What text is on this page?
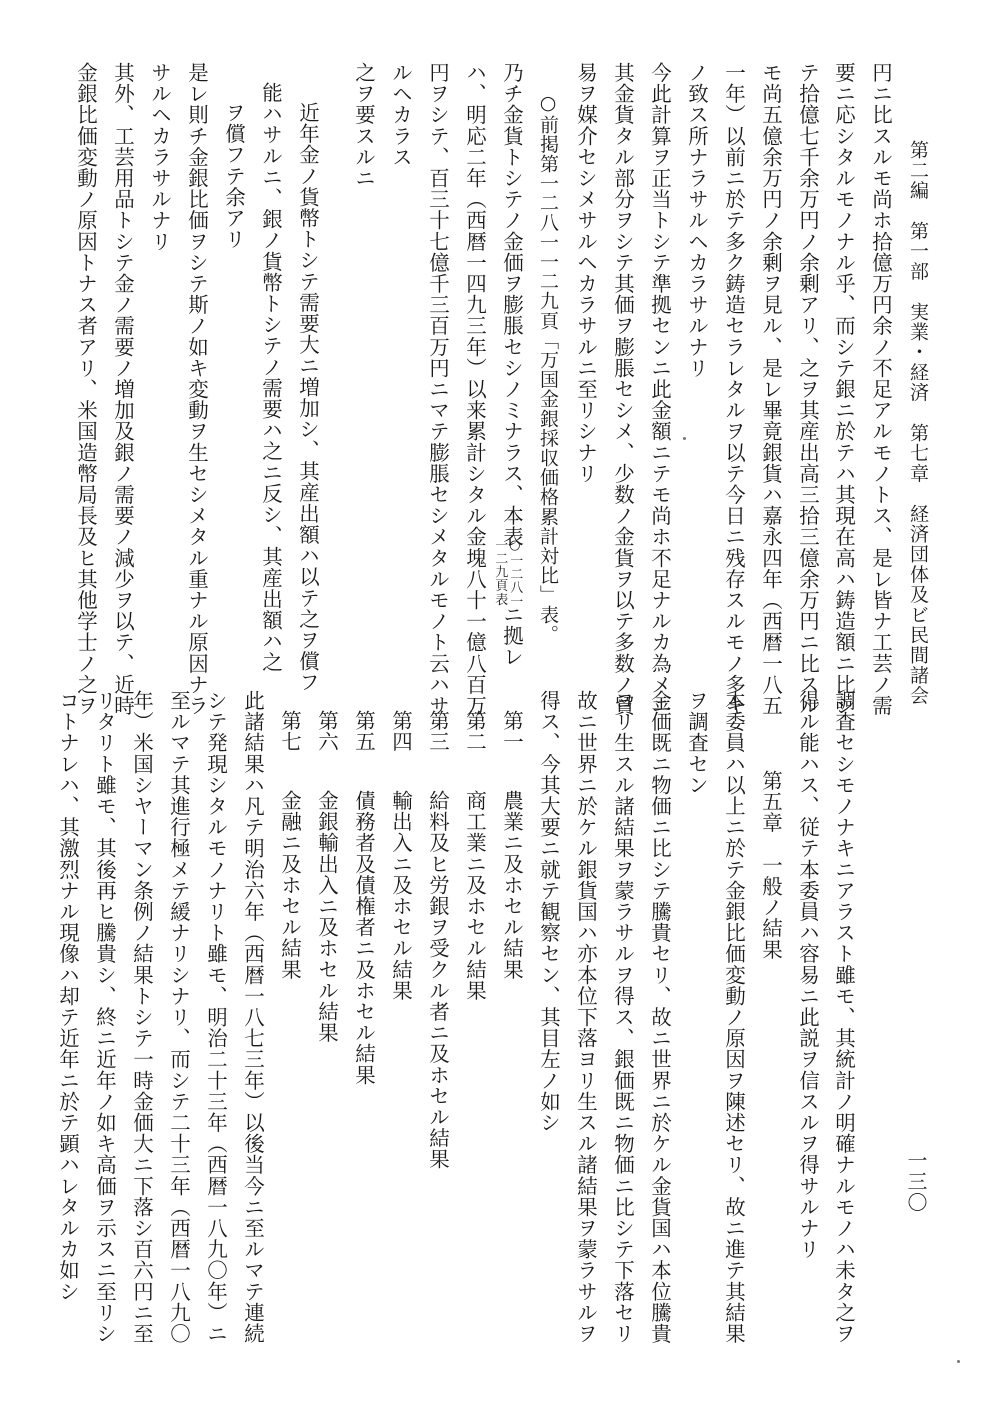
第二編　第一部　実業・経済　第七章　経済団体及ビ民間諸会
一三〇
円ニ比スルモ尚ホ拾億万円余ノ不足アルモノトス、是レ皆ナ工芸ノ需
要ニ応シタルモノナル乎、而シテ銀ニ於テハ其現在高ハ鋳造額ニ比シ
テ拾億七千余万円ノ余剰アリ、之ヲ其産出高三拾三億余万円ニ比スル
モ尚五億余万円ノ余剰ヲ見ル、是レ畢竟銀貨ハ嘉永四年（西暦一八五
一年）以前ニ於テ多ク鋳造セラレタルヲ以テ今日ニ残存スルモノ多キ
ノ致ス所ナラサルヘカラサルナリ
今此計算ヲ正当トシテ準拠センニ此金額ニテモ尚ホ不足ナルカ為メニ
其金貨タル部分ヲシテ其価ヲ膨脹セシメ、少数ノ金貨ヲ以テ多数ノ貿
易ヲ媒介セシメサルヘカラサルニ至リシナリ
○前掲第一二八一一二九頁「万国金銀採収価格累計対比」表。
乃チ金貨トシテノ金価ヲ膨脹セシノミナラス、本表
○一二八一
一二九頁表
ニ拠レ
ハ、明応二年（西暦一四九三年）以来累計シタル金塊八十一億八百万
円ヲシテ、百三十七億千三百万円ニマテ膨脹セシメタルモノト云ハサ
ルヘカラス
之ヲ要スルニ
近年金ノ貨幣トシテ需要大ニ増加シ、其産出額ハ以テ之ヲ償フ
能ハサルニ、銀ノ貨幣トシテノ需要ハ之ニ反シ、其産出額ハ之
ヲ償フテ余アリ
是レ則チ金銀比価ヲシテ斯ノ如キ変動ヲ生セシメタル重ナル原因ナラ
サルヘカラサルナリ
其外、工芸用品トシテ金ノ需要ノ増加及銀ノ需要ノ減少ヲ以テ、近時
金銀比価変動ノ原因トナス者アリ、米国造幣局長及ヒ其他学士ノ之ヲ
調査セシモノナキニアラスト雖モ、其統計ノ明確ナルモノハ未タ之ヲ
得ル能ハス、従テ本委員ハ容易ニ此説ヲ信スルヲ得サルナリ
第五章　一般ノ結果
本委員ハ以上ニ於テ金銀比価変動ノ原因ヲ陳述セリ、故ニ進テ其結果
ヲ調査セン
金価既ニ物価ニ比シテ騰貴セリ、故ニ世界ニ於ケル金貨国ハ本位騰貴
ヨリ生スル諸結果ヲ蒙ラサルヲ得ス、銀価既ニ物価ニ比シテ下落セリ
故ニ世界ニ於ケル銀貨国ハ亦本位下落ヨリ生スル諸結果ヲ蒙ラサルヲ
得ス、今其大要ニ就テ観察セン、其目左ノ如シ
第一
農業ニ及ホセル結果
第二
商工業ニ及ホセル結果
第三
給料及ヒ労銀ヲ受クル者ニ及ホセル結果
第四
輸出入ニ及ホセル結果
第五
債務者及債権者ニ及ホセル結果
第六
金銀輸出入ニ及ホセル結果
第七
金融ニ及ホセル結果
此諸結果ハ凡テ明治六年（西暦一八七三年）以後当今ニ至ルマテ連続
シテ発現シタルモノナリト雖モ、明治二十三年（西暦一八九〇年）ニ
至ルマテ其進行極メテ緩ナリシナリ、而シテ二十三年（西暦一八九〇
年）米国シヤーマン条例ノ結果トシテ一時金価大ニ下落シ百六円ニ至
リタリト雖モ、其後再ヒ騰貴シ、終ニ近年ノ如キ高価ヲ示スニ至リシ
コトナレハ、其激烈ナル現像ハ却テ近年ニ於テ顕ハレタルカ如シ
